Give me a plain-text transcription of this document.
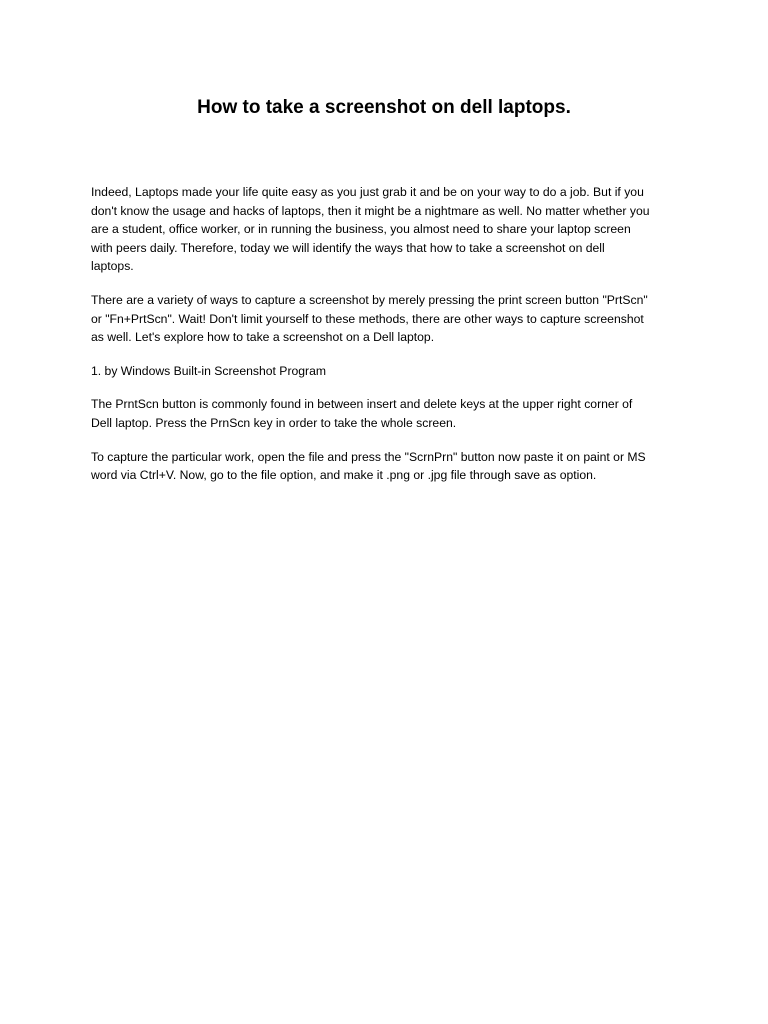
How to take a screenshot on dell laptops.

Indeed, Laptops made your life quite easy as you just grab it and be on your way to do a job. But if you
don't know the usage and hacks of laptops, then it might be a nightmare as well. No matter whether you
are a student, office worker, or in running the business, you almost need to share your laptop screen
with peers daily. Therefore, today we will identify the ways that how to take a screenshot on dell
laptops.

There are a variety of ways to capture a screenshot by merely pressing the print screen button "PrtScn"
or "Fn+PrtScn". Wait! Don't limit yourself to these methods, there are other ways to capture screenshot
as well. Let's explore how to take a screenshot on a Dell laptop.

1. by Windows Built-in Screenshot Program

The PrntScn button is commonly found in between insert and delete keys at the upper right corner of
Dell laptop. Press the PrnScn key in order to take the whole screen.

To capture the particular work, open the file and press the "ScrnPrn" button now paste it on paint or MS
word via Ctrl+V. Now, go to the file option, and make it .png or .jpg file through save as option.
